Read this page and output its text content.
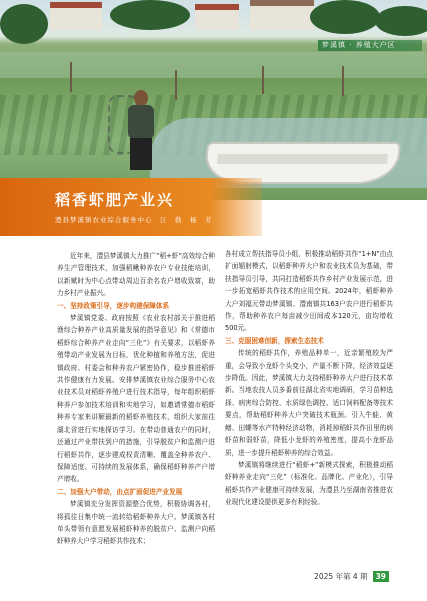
梦溪镇 · 养殖大户区
稻香虾肥产业兴
澧县梦溪镇农业综合服务中心　江　勃　杨　芳

近年来，澧县梦溪镇大力推广“稻+虾”高效综合种养生产管理技术，加强稻鳅种养农户专业技能培训，以新赋时为中心点带动周边百余名农户增收致富，助力乡村产业振兴。

一、坚持政策引导，逐步构建保障体系

梦溪镇党委、政府按照《农业农村部关于推进稻渔综合种养产业高质量发展的指导意见》和《常德市稻虾综合种养产业走向“三化”》有关要求，以稻虾养殖带动产业发展为目标，优化种植和养殖方法，促进镇政府、村委会和种养农户紧密协作，稳步推进稻虾共作健康有力发展。安排梦溪镇农业综合服务中心农业技术员对稻虾养殖户进行技术指导，每年组织稻虾种养户参加技术培训和实地学习，如邀请常德市稻虾种养专家来讲解最新的稻虾养殖技术，组织大家前往湖北省进行实地探访学习。在带动普通农户的同时，还通过产业带扶到户的措施，引导脱贫户和监测户进行稻虾共作，逐步建成权责清晰、覆盖全种养农户、保障适度、可持续的发展体系，确保稻虾种养产户增产增收。

二、加强大户带动，由点扩面促进产业发展

梦溪镇充分发挥资源整合优势，积极协调各村，将孤往日集中统一流转给稻虾种养大户。梦溪镇各村单头带领有意愿发展稻虾种养的脱贫户、监测户向稻虾种养大户学习稻虾共作技术；

各村成立帮扶指导员小组，积极推动稻虾共作“1+N”由点扩面辐射模式，以稻虾种养大户和农业技术员为基础，带扶指导员引导，共同打造稻虾共作乡村产业发展示范，进一步拓宽稻虾共作技术的应用空间。2024年，稻虾种养大户刘福元带动梦溪镇、澧南镇共163户农户进行稻虾共作，帮助种养农户每亩减少田间成本120元，亩均增收500元。

三、克服困难创新，探索生态技术

传统的稻虾共作，养殖品种单一，近亲繁殖较为严重，会导致小龙虾个头变小，产量不断下降，经济效益逐步降低。因此，梦溪镇大力支持稻虾种养大户进行技术革新。当地农技人员多番前往湖北省实地调研，学习苗种选择、病害综合防控、水质绿色调控、适口饲料配备等技术要点，帮助稻虾种养大户突破技术瓶颈。引入牛蛙、黄鳝、田螺等水产特种经济动物，消耗掉稻虾共作田里的病虾苗和弱虾苗，降低小龙虾的养殖密度，提高小龙虾品质，进一步提升稻虾种养的综合效益。

梦溪镇将继续进行“稻虾+”新模式探索，积极推动稻虾种养业走向“三化”（标准化、品牌化、产业化），引导稻虾共作产业健康可持续发展，为澧县乃至湖南省推进农业现代化建设提供更多有利经验。

2025 年第 4 期	39
